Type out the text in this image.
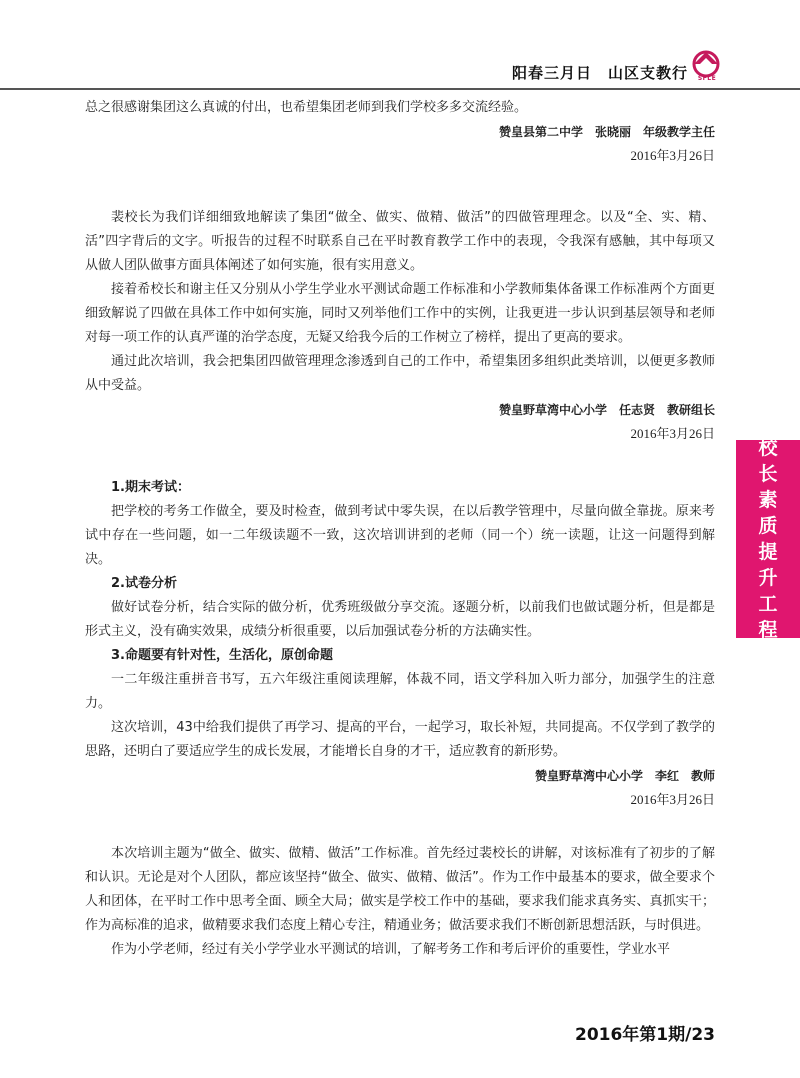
阳春三月日　山区支教行	SFLE
校
长
素
质
提
升
工
程

总之很感谢集团这么真诚的付出，也希望集团老师到我们学校多多交流经验。

赞皇县第二中学　张晓丽　年级教学主任

2016年3月26日

裴校长为我们详细细致地解读了集团“做全、做实、做精、做活”的四做管理理念。以及“全、实、精、活”四字背后的文字。听报告的过程不时联系自己在平时教育教学工作中的表现，令我深有感触，其中每项又从做人团队做事方面具体阐述了如何实施，很有实用意义。

接着希校长和谢主任又分别从小学生学业水平测试命题工作标准和小学教师集体备课工作标准两个方面更细致解说了四做在具体工作中如何实施，同时又列举他们工作中的实例，让我更进一步认识到基层领导和老师对每一项工作的认真严谨的治学态度，无疑又给我今后的工作树立了榜样，提出了更高的要求。

通过此次培训，我会把集团四做管理理念渗透到自己的工作中，希望集团多组织此类培训，以便更多教师从中受益。

赞皇野草湾中心小学　任志贤　教研组长

2016年3月26日

1.期末考试：

把学校的考务工作做全，要及时检查，做到考试中零失误，在以后教学管理中，尽量向做全靠拢。原来考试中存在一些问题，如一二年级读题不一致，这次培训讲到的老师（同一个）统一读题，让这一问题得到解决。

2.试卷分析

做好试卷分析，结合实际的做分析，优秀班级做分享交流。逐题分析，以前我们也做试题分析，但是都是形式主义，没有确实效果，成绩分析很重要，以后加强试卷分析的方法确实性。

3.命题要有针对性，生活化，原创命题

一二年级注重拼音书写，五六年级注重阅读理解，体裁不同，语文学科加入听力部分，加强学生的注意力。

这次培训，43中给我们提供了再学习、提高的平台，一起学习，取长补短，共同提高。不仅学到了教学的思路，还明白了要适应学生的成长发展，才能增长自身的才干，适应教育的新形势。

赞皇野草湾中心小学　李红　教师

2016年3月26日

本次培训主题为“做全、做实、做精、做活”工作标准。首先经过裴校长的讲解，对该标准有了初步的了解和认识。无论是对个人团队，都应该坚持“做全、做实、做精、做活”。作为工作中最基本的要求，做全要求个人和团体，在平时工作中思考全面、顾全大局；做实是学校工作中的基础，要求我们能求真务实、真抓实干；作为高标准的追求，做精要求我们态度上精心专注，精通业务；做活要求我们不断创新思想活跃，与时俱进。

作为小学老师，经过有关小学学业水平测试的培训，了解考务工作和考后评价的重要性，学业水平

2016年第1期/23
